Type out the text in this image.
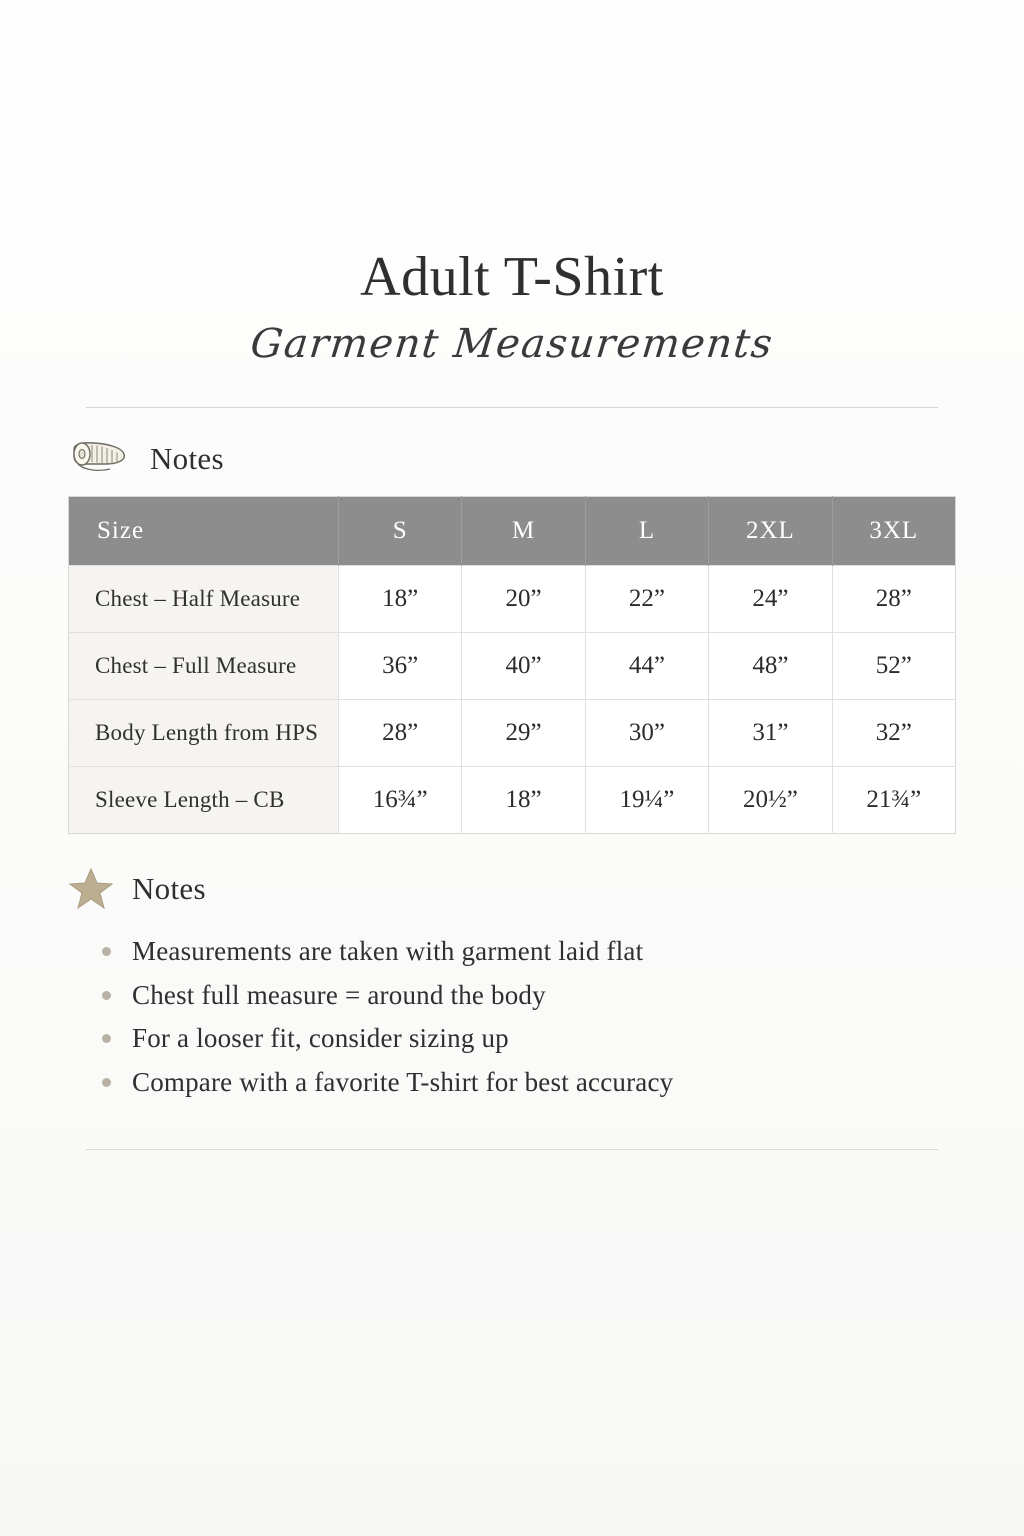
Adult T-Shirt
Garment Measurements
Notes
Size	S	M	L	2XL	3XL
Chest – Half Measure	18”	20”	22”	24”	28”
Chest – Full Measure	36”	40”	44”	48”	52”
Body Length from HPS	28”	29”	30”	31”	32”
Sleeve Length – CB	16¾”	18”	19¼”	20½”	21¾”
Notes
Measurements are taken with garment laid flat
Chest full measure = around the body
For a looser fit, consider sizing up
Compare with a favorite T-shirt for best accuracy
